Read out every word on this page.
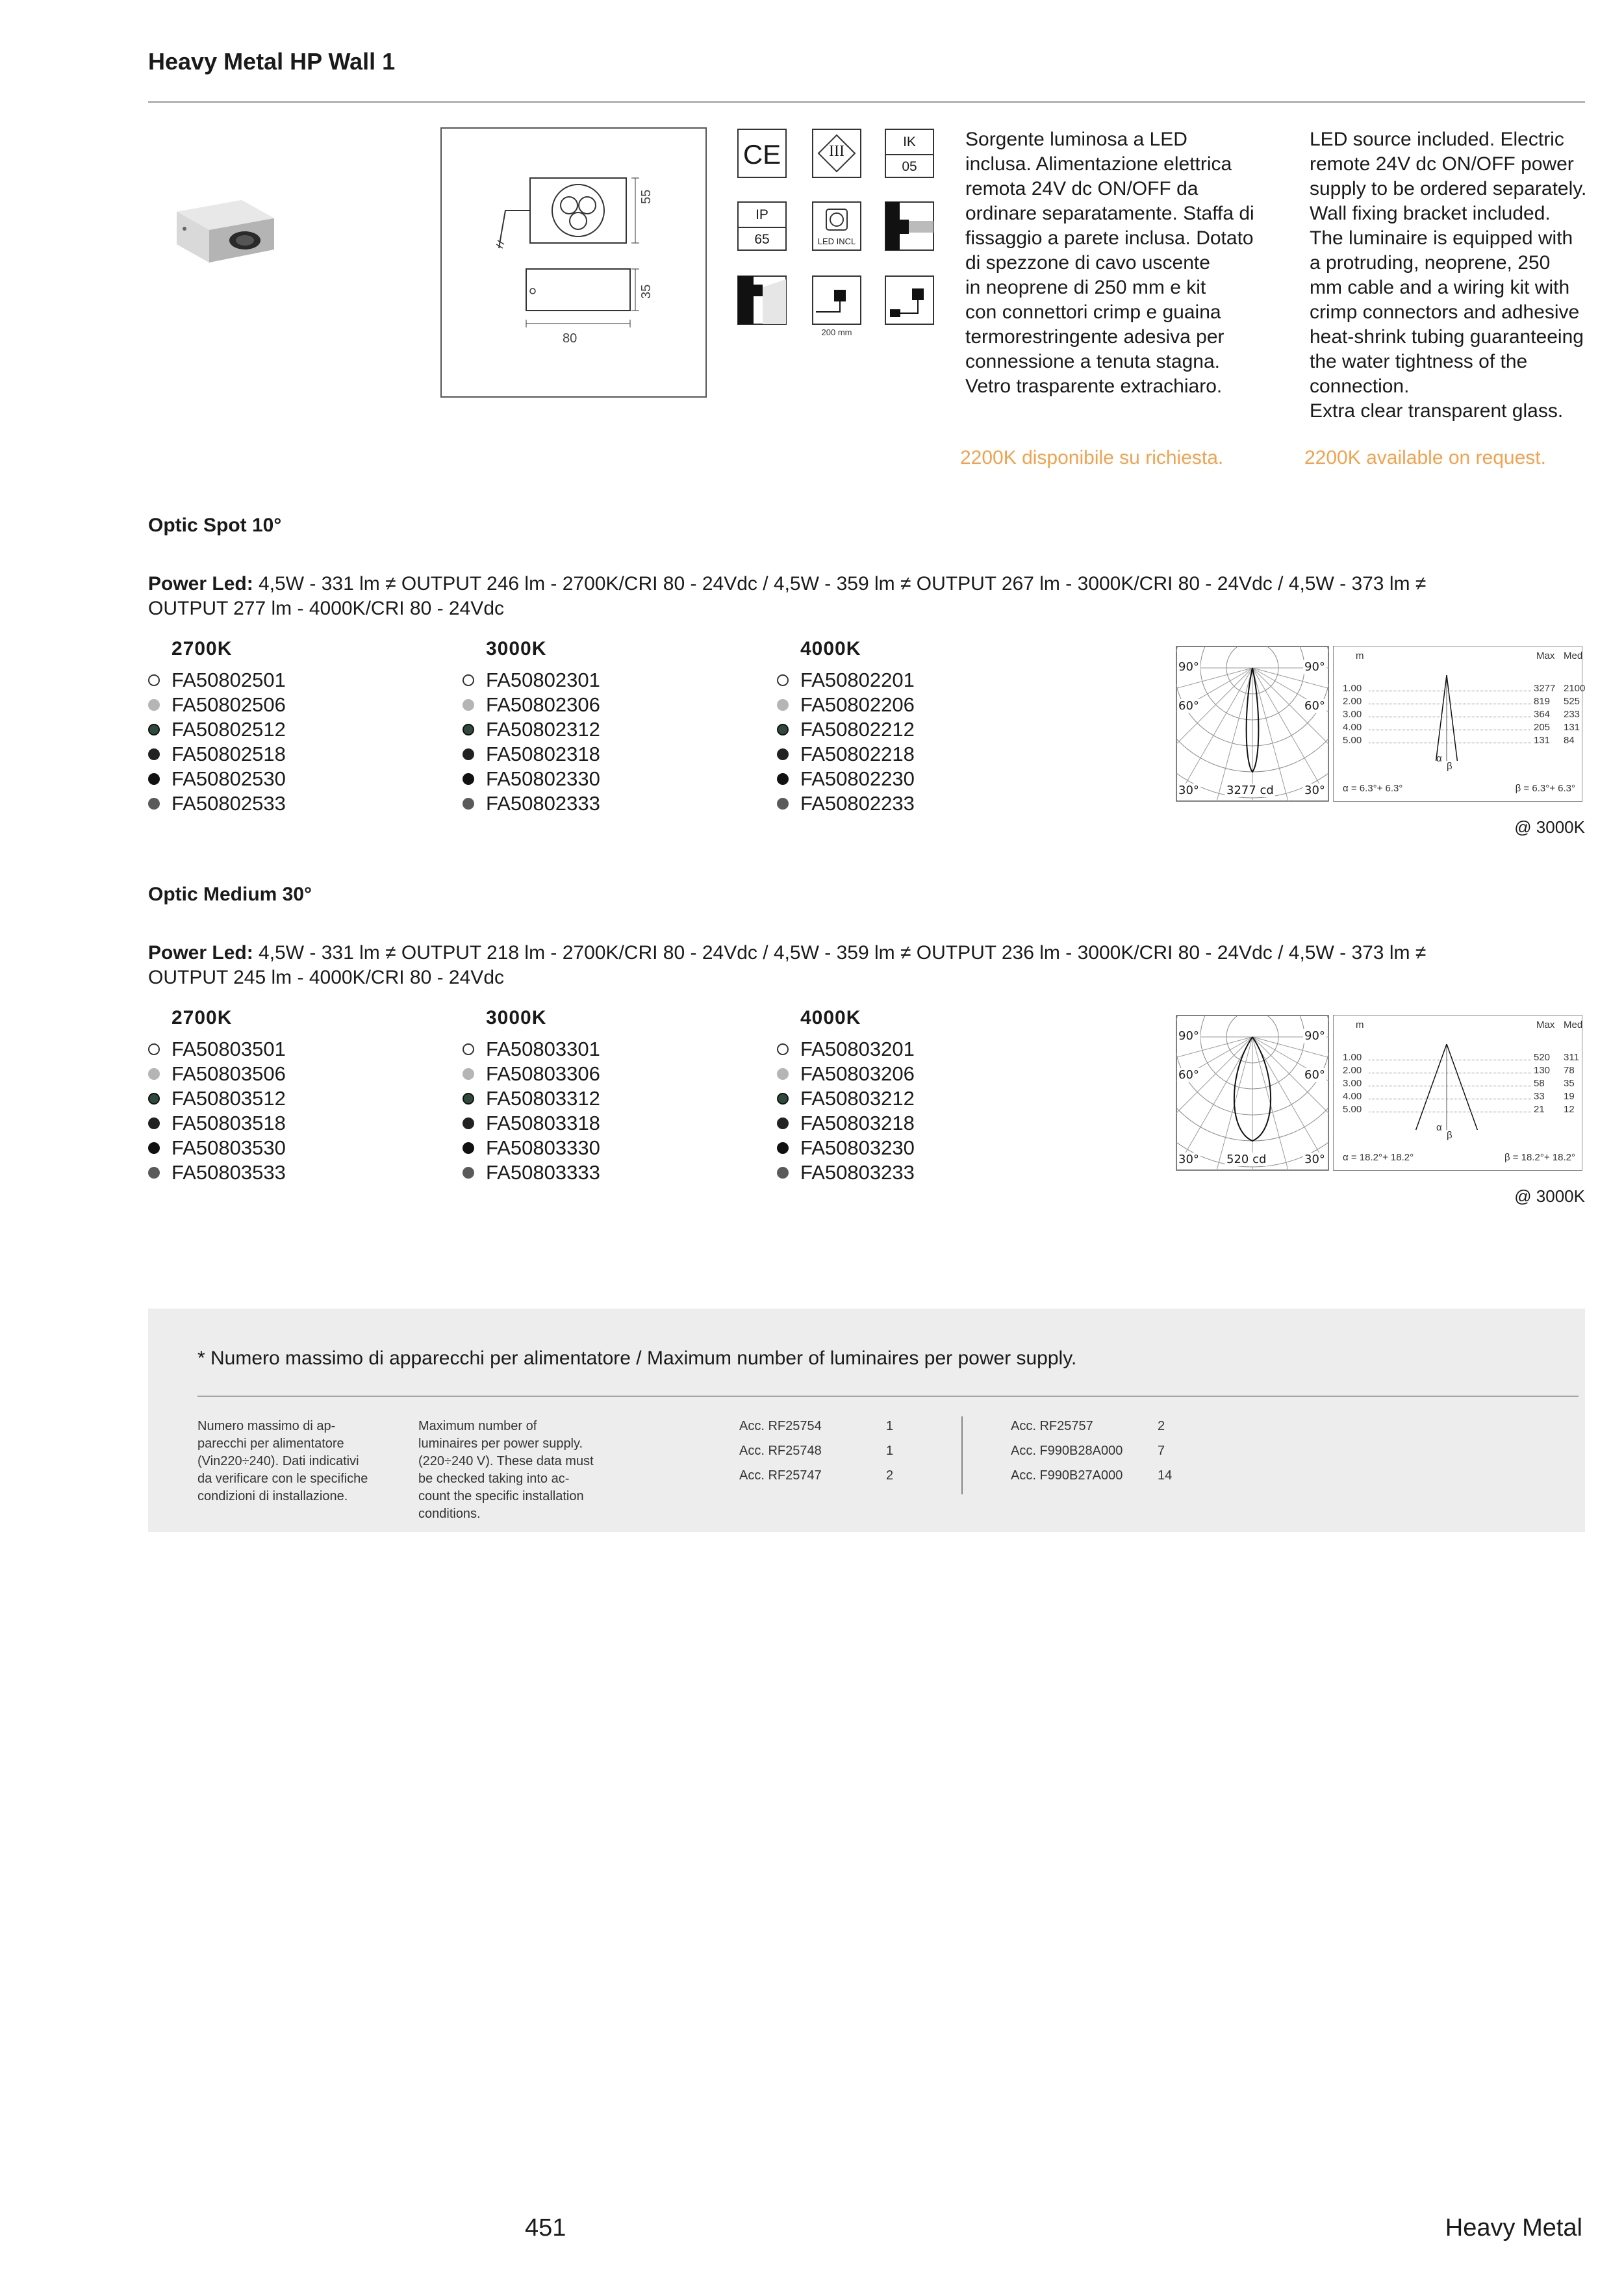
Heavy Metal HP Wall 1
55
35
80
CE	III
IK
05
IP
65	LED INCL
200 mm
Sorgente luminosa a LED
inclusa. Alimentazione elettrica
remota 24V dc ON/OFF da
ordinare separatamente. Staffa di
fissaggio a parete inclusa. Dotato
di spezzone di cavo uscente
in neoprene di 250 mm e kit
con connettori crimp e guaina
termorestringente adesiva per
connessione a tenuta stagna.
Vetro trasparente extrachiaro.
LED source included. Electric
remote 24V dc ON/OFF power
supply to be ordered separately.
Wall fixing bracket included.
The luminaire is equipped with
a protruding, neoprene, 250
mm cable and a wiring kit with
crimp connectors and adhesive
heat-shrink tubing guaranteeing
the water tightness of the
connection.
Extra clear transparent glass.
2200K disponibile su richiesta.	2200K available on request.
Optic Spot 10°
Power Led: 4,5W - 331 lm ≠ OUTPUT 246 lm - 2700K/CRI 80 - 24Vdc / 4,5W - 359 lm ≠ OUTPUT 267 lm - 3000K/CRI 80 - 24Vdc / 4,5W - 373 lm ≠
OUTPUT 277 lm - 4000K/CRI 80 - 24Vdc
2700K
FA50802501
FA50802506
FA50802512
FA50802518
FA50802530
FA50802533
3000K
FA50802301
FA50802306
FA50802312
FA50802318
FA50802330
FA50802333
4000K
FA50802201
FA50802206
FA50802212
FA50802218
FA50802230
FA50802233
90°	90°
60°	60°
30°	30°
3277 cd
m	Max Med
1.00	3277 2100
2.00	819 525
3.00	364 233
4.00	205 131
5.00	131 84
α
β
α = 6.3°+ 6.3°	β = 6.3°+ 6.3°
@ 3000K
Optic Medium 30°
Power Led: 4,5W - 331 lm ≠ OUTPUT 218 lm - 2700K/CRI 80 - 24Vdc / 4,5W - 359 lm ≠ OUTPUT 236 lm - 3000K/CRI 80 - 24Vdc / 4,5W - 373 lm ≠
OUTPUT 245 lm - 4000K/CRI 80 - 24Vdc
2700K
FA50803501
FA50803506
FA50803512
FA50803518
FA50803530
FA50803533
3000K
FA50803301
FA50803306
FA50803312
FA50803318
FA50803330
FA50803333
4000K
FA50803201
FA50803206
FA50803212
FA50803218
FA50803230
FA50803233
90°	90°
60°	60°
30°	30°
520 cd
m	Max Med
1.00	520 311
2.00	130 78
3.00	58 35
4.00	33 19
5.00	21 12
α
β
α = 18.2°+ 18.2°	β = 18.2°+ 18.2°
@ 3000K
* Numero massimo di apparecchi per alimentatore / Maximum number of luminaires per power supply.
Numero massimo di ap-
parecchi per alimentatore
(Vin220÷240). Dati indicativi
da verificare con le specifiche
condizioni di installazione.
Maximum number of
luminaires per power supply.
(220÷240 V). These data must
be checked taking into ac-
count the specific installation
conditions.
Acc. RF25754	1
Acc. RF25748	1
Acc. RF25747	2
Acc. RF25757	2
Acc. F990B28A000	7
Acc. F990B27A000	14
451	Heavy Metal
